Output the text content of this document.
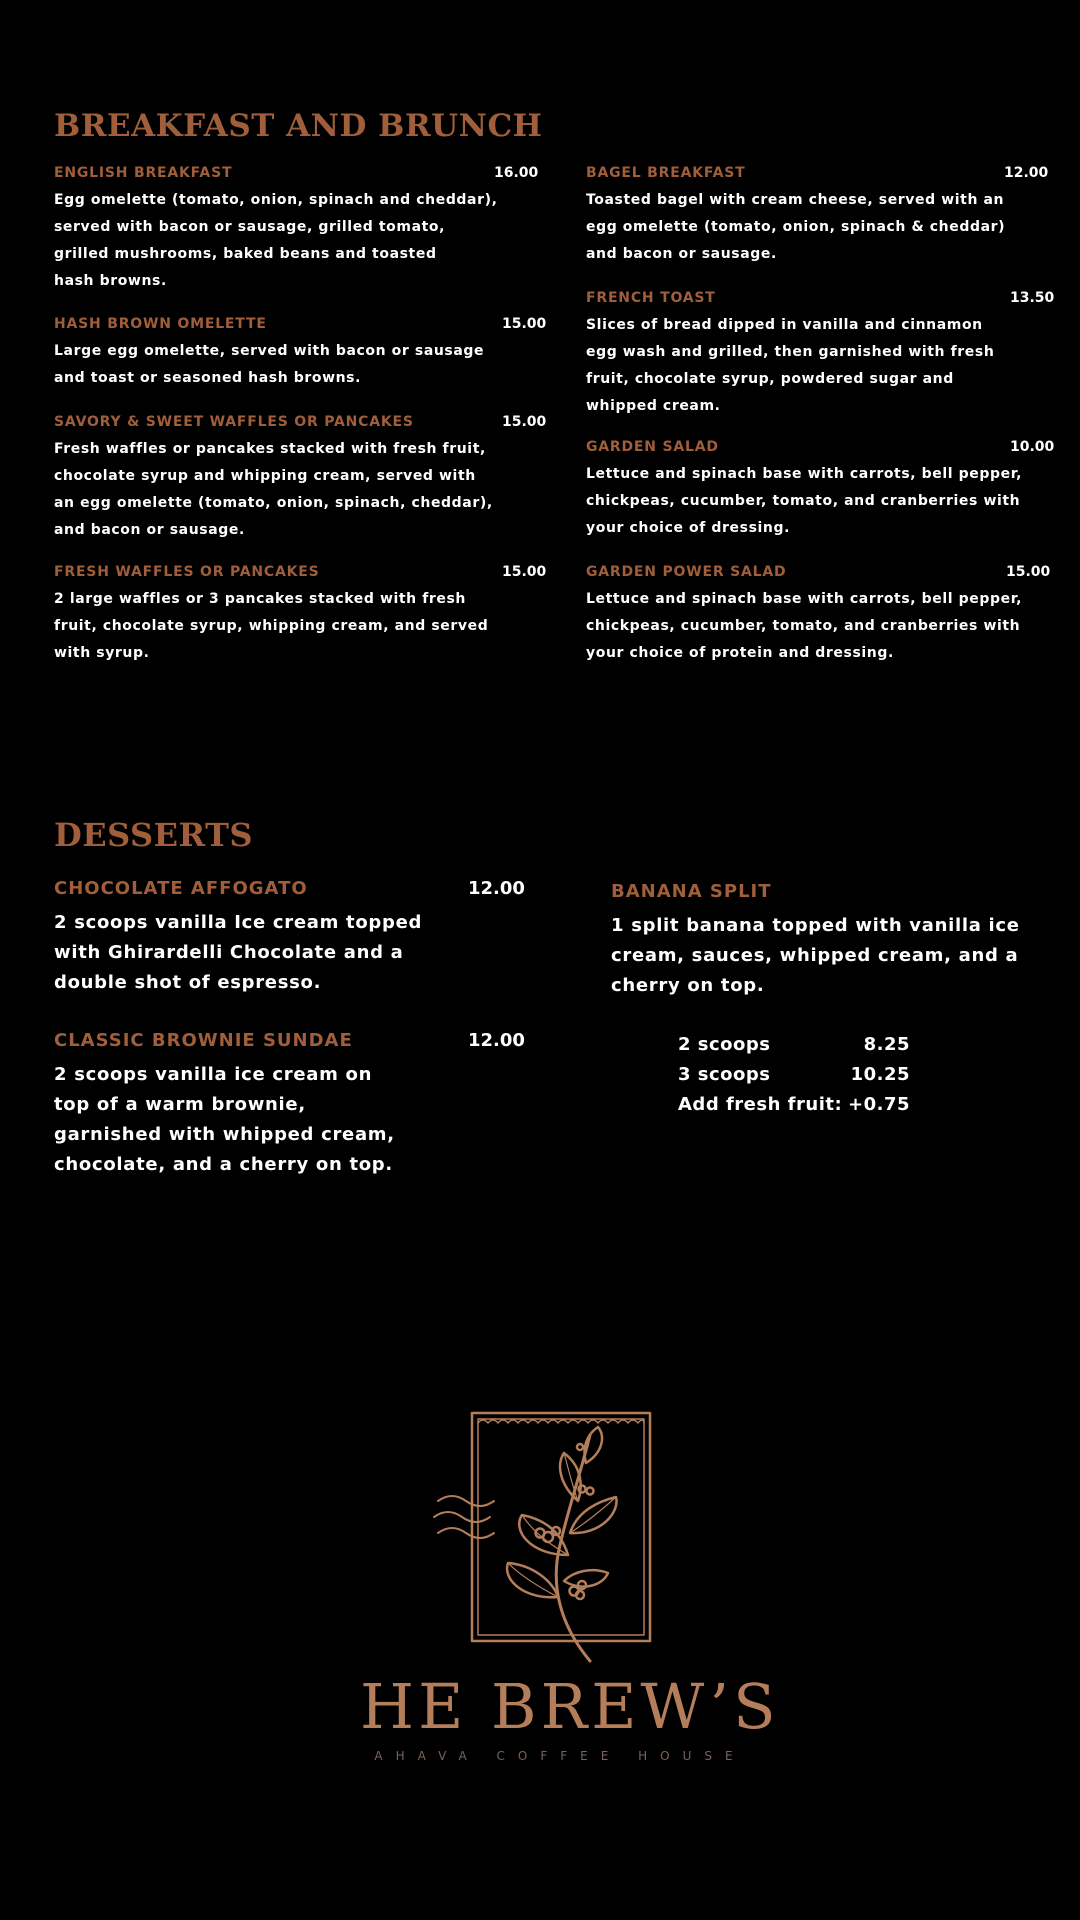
BREAKFAST AND BRUNCH
ENGLISH BREAKFAST	16.00
Egg omelette (tomato, onion, spinach and cheddar),
served with bacon or sausage, grilled tomato,
grilled mushrooms, baked beans and toasted
hash browns.
HASH BROWN OMELETTE	15.00
Large egg omelette, served with bacon or sausage
and toast or seasoned hash browns.
SAVORY & SWEET WAFFLES OR PANCAKES	15.00
Fresh waffles or pancakes stacked with fresh fruit,
chocolate syrup and whipping cream, served with
an egg omelette (tomato, onion, spinach, cheddar),
and bacon or sausage.
FRESH WAFFLES OR PANCAKES	15.00
2 large waffles or 3 pancakes stacked with fresh
fruit, chocolate syrup, whipping cream, and served
with syrup.
BAGEL BREAKFAST	12.00
Toasted bagel with cream cheese, served with an
egg omelette (tomato, onion, spinach & cheddar)
and bacon or sausage.
FRENCH TOAST	13.50
Slices of bread dipped in vanilla and cinnamon
egg wash and grilled, then garnished with fresh
fruit, chocolate syrup, powdered sugar and
whipped cream.
GARDEN SALAD	10.00
Lettuce and spinach base with carrots, bell pepper,
chickpeas, cucumber, tomato, and cranberries with
your choice of dressing.
GARDEN POWER SALAD	15.00
Lettuce and spinach base with carrots, bell pepper,
chickpeas, cucumber, tomato, and cranberries with
your choice of protein and dressing.
DESSERTS
CHOCOLATE AFFOGATO	12.00
2 scoops vanilla Ice cream topped
with Ghirardelli Chocolate and a
double shot of espresso.
CLASSIC BROWNIE SUNDAE	12.00
2 scoops vanilla ice cream on
top of a warm brownie,
garnished with whipped cream,
chocolate, and a cherry on top.
BANANA SPLIT
1 split banana topped with vanilla ice
cream, sauces, whipped cream, and a
cherry on top.
2 scoops	8.25
3 scoops	10.25
Add fresh fruit: +0.75
HE BREW’S
AHAVA COFFEE HOUSE
